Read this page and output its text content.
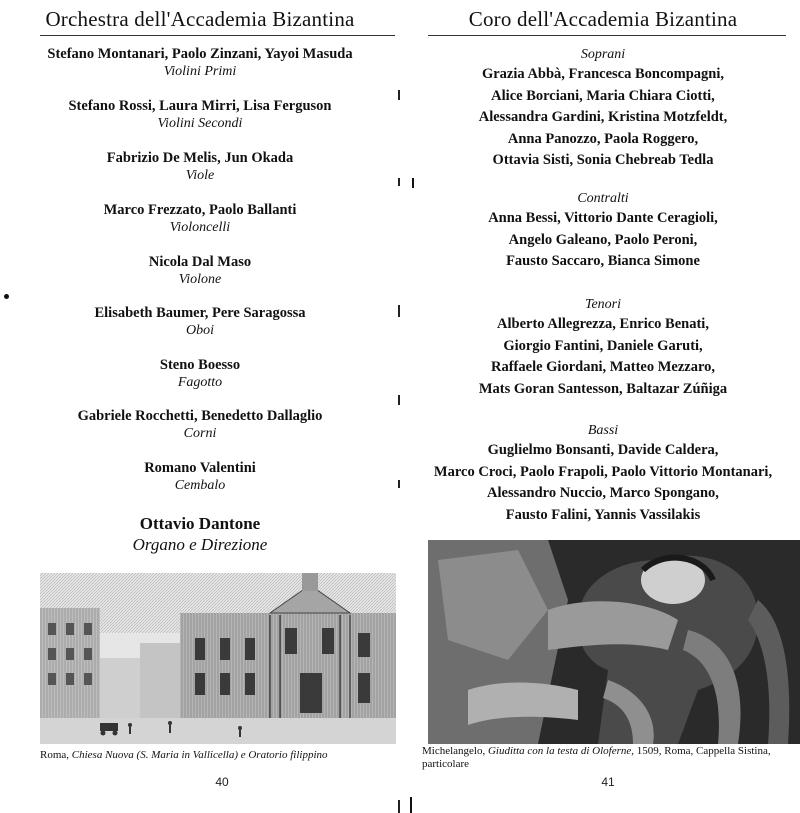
Orchestra dell'Accademia Bizantina
Stefano Montanari, Paolo Zinzani, Yayoi Masuda
Violini Primi
Stefano Rossi, Laura Mirri, Lisa Ferguson
Violini Secondi
Fabrizio De Melis, Jun Okada
Viole
Marco Frezzato, Paolo Ballanti
Violoncelli
Nicola Dal Maso
Violone
Elisabeth Baumer, Pere Saragossa
Oboi
Steno Boesso
Fagotto
Gabriele Rocchetti, Benedetto Dallaglio
Corni
Romano Valentini
Cembalo
Ottavio Dantone
Organo e Direzione
Roma, Chiesa Nuova (S. Maria in Vallicella) e Oratorio filippino
40
Coro dell'Accademia Bizantina
Soprani
Grazia Abbà, Francesca Boncompagni,
Alice Borciani, Maria Chiara Ciotti,
Alessandra Gardini, Kristina Motzfeldt,
Anna Panozzo, Paola Roggero,
Ottavia Sisti, Sonia Chebreab Tedla
Contralti
Anna Bessi, Vittorio Dante Ceragioli,
Angelo Galeano, Paolo Peroni,
Fausto Saccaro, Bianca Simone
Tenori
Alberto Allegrezza, Enrico Benati,
Giorgio Fantini, Daniele Garuti,
Raffaele Giordani, Matteo Mezzaro,
Mats Goran Santesson, Baltazar Zúñiga
Bassi
Guglielmo Bonsanti, Davide Caldera,
Marco Croci, Paolo Frapoli, Paolo Vittorio Montanari,
Alessandro Nuccio, Marco Spongano,
Fausto Falini, Yannis Vassilakis
Michelangelo, Giuditta con la testa di Oloferne, 1509, Roma, Cappella Sistina,
particolare
41
